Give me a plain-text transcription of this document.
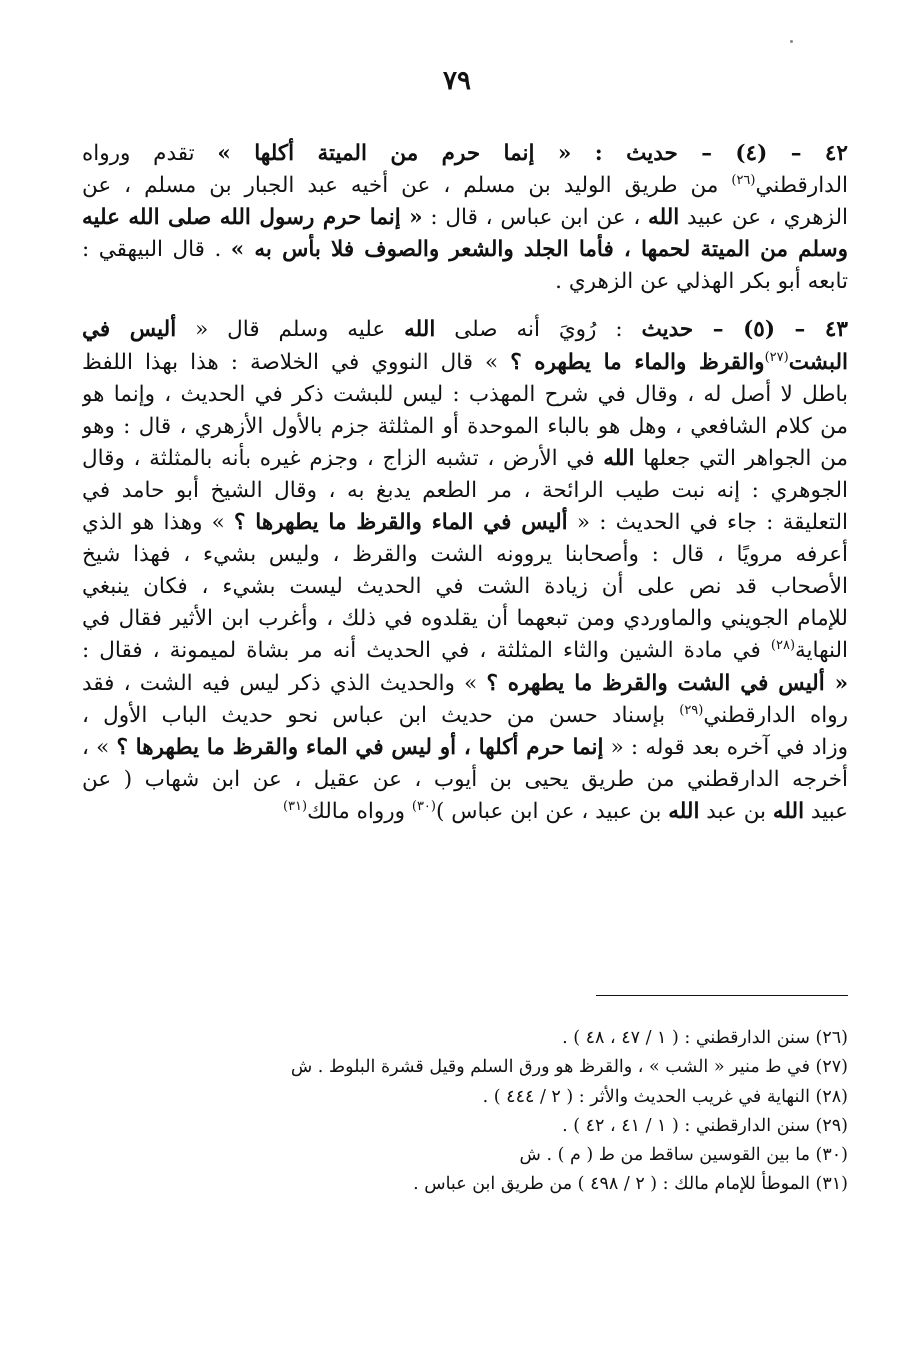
٧٩
٤٢ – (٤) – حديث : « إنما حرم من الميتة أكلها » تقدم ورواه
الدارقطني$^{(٢٦)}$ من طريق الوليد بن مسلم ، عن أخيه عبد الجبار بن مسلم ، عن
الزهري ، عن عبيد الله ، عن ابن عباس ، قال : « إنما حرم رسول الله صلى الله عليه
وسلم من الميتة لحمها ، فأما الجلد والشعر والصوف فلا بأس به » . قال البيهقي :
تابعه أبو بكر الهذلي عن الزهري .
٤٣ – (٥) – حديث : رُويَ أنه صلى الله عليه وسلم قال « أليس في
البشت$^{(٢٧)}$والقرظ والماء ما يطهره ؟ » قال النووي في الخلاصة : هذا بهذا اللفظ
باطل لا أصل له ، وقال في شرح المهذب : ليس للبشت ذكر في الحديث ، وإنما هو
من كلام الشافعي ، وهل هو بالباء الموحدة أو المثلثة جزم بالأول الأزهري ، قال : وهو
من الجواهر التي جعلها الله في الأرض ، تشبه الزاج ، وجزم غيره بأنه بالمثلثة ، وقال
الجوهري : إنه نبت طيب الرائحة ، مر الطعم يدبغ به ، وقال الشيخ أبو حامد في
التعليقة : جاء في الحديث : « أليس في الماء والقرظ ما يطهرها ؟ » وهذا هو الذي
أعرفه مرويًا ، قال : وأصحابنا يروونه الشت والقرظ ، وليس بشيء ، فهذا شيخ
الأصحاب قد نص على أن زيادة الشت في الحديث ليست بشيء ، فكان ينبغي
للإمام الجويني والماوردي ومن تبعهما أن يقلدوه في ذلك ، وأغرب ابن الأثير فقال في
النهاية$^{(٢٨)}$ في مادة الشين والثاء المثلثة ، في الحديث أنه مر بشاة لميمونة ، فقال :
« أليس في الشت والقرظ ما يطهره ؟ » والحديث الذي ذكر ليس فيه الشت ، فقد
رواه الدارقطني$^{(٢٩)}$ بإسناد حسن من حديث ابن عباس نحو حديث الباب الأول ،
وزاد في آخره بعد قوله : « إنما حرم أكلها ، أو ليس في الماء والقرظ ما يطهرها ؟ » ،
أخرجه الدارقطني من طريق يحيى بن أيوب ، عن عقيل ، عن ابن شهاب ( عن
عبيد الله بن عبد الله بن عبيد ، عن ابن عباس )$^{(٣٠)}$ ورواه مالك$^{(٣١)}$
(٢٦) سنن الدارقطني : ( ١ / ٤٧ ، ٤٨ ) .
(٢٧) في ط منير « الشب » ، والقرظ هو ورق السلم وقيل قشرة البلوط . ش
(٢٨) النهاية في غريب الحديث والأثر : ( ٢ / ٤٤٤ ) .
(٢٩) سنن الدارقطني : ( ١ / ٤١ ، ٤٢ ) .
(٣٠) ما بين القوسين ساقط من ط ( م ) . ش
(٣١) الموطأ للإمام مالك : ( ٢ / ٤٩٨ ) من طريق ابن عباس .
